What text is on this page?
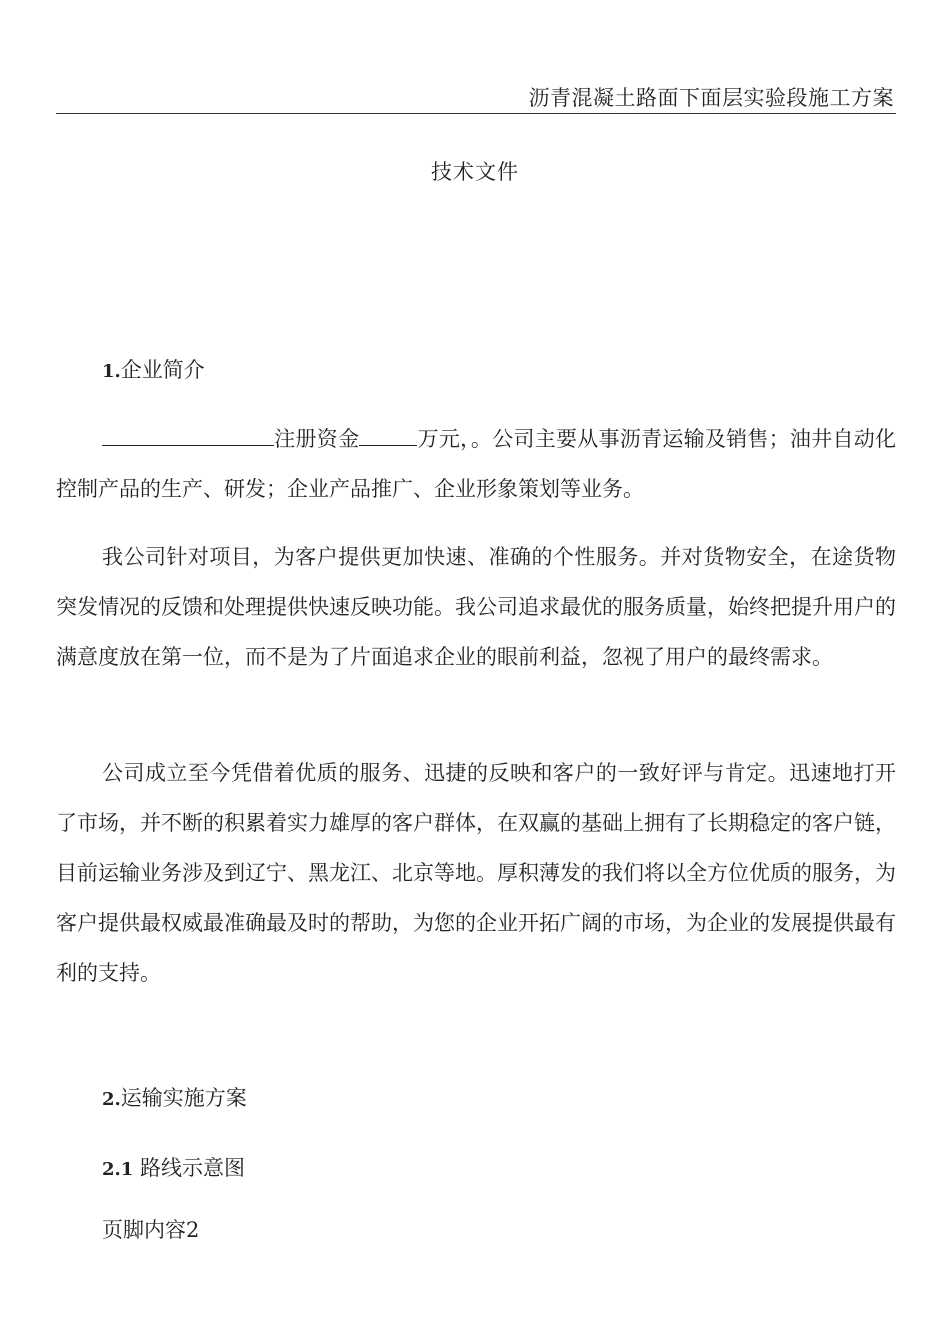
沥青混凝土路面下面层实验段施工方案
技术文件
1.企业简介

注册资金	万元，。公司主要从事沥青运输及销售；油井自动化控制产品的生产、研发；企业产品推广、企业形象策划等业务。

我公司针对项目，为客户提供更加快速、准确的个性服务。并对货物安全，在途货物突发情况的反馈和处理提供快速反映功能。我公司追求最优的服务质量，始终把提升用户的满意度放在第一位，而不是为了片面追求企业的眼前利益，忽视了用户的最终需求。

公司成立至今凭借着优质的服务、迅捷的反映和客户的一致好评与肯定。迅速地打开了市场，并不断的积累着实力雄厚的客户群体，在双赢的基础上拥有了长期稳定的客户链，目前运输业务涉及到辽宁、黑龙江、北京等地。厚积薄发的我们将以全方位优质的服务，为客户提供最权威最准确最及时的帮助，为您的企业开拓广阔的市场，为企业的发展提供最有利的支持。

2.运输实施方案
2.1 路线示意图
页脚内容2
